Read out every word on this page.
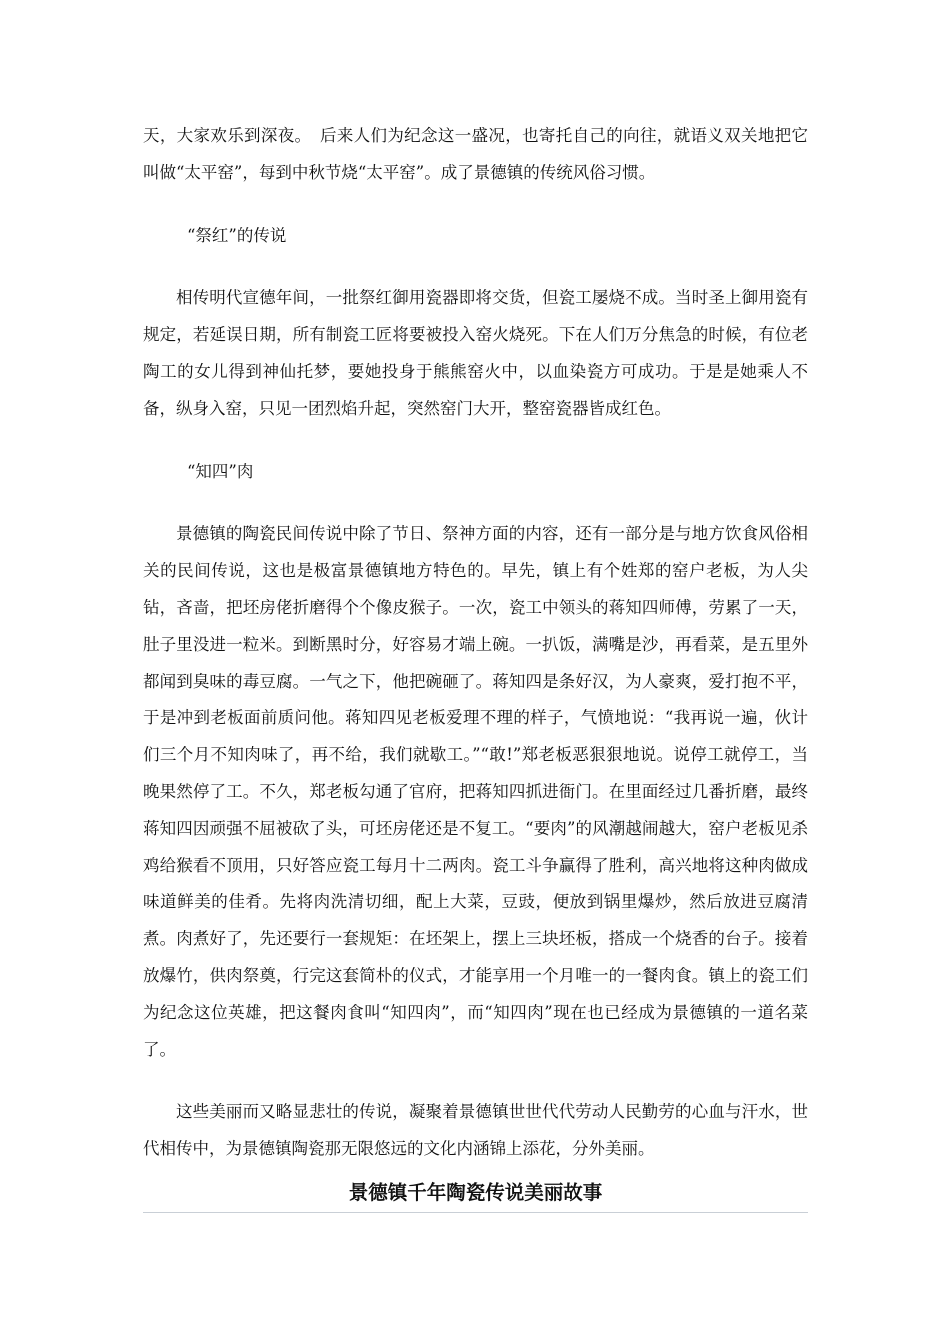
天，大家欢乐到深夜。　后来人们为纪念这一盛况，也寄托自己的向往，就语义双关地把它叫做“太平窑”，每到中秋节烧“太平窑”。成了景德镇的传统风俗习惯。

“祭红”的传说

相传明代宣德年间，一批祭红御用瓷器即将交货，但瓷工屡烧不成。当时圣上御用瓷有规定，若延误日期，所有制瓷工匠将要被投入窑火烧死。下在人们万分焦急的时候，有位老陶工的女儿得到神仙托梦，要她投身于熊熊窑火中，以血染瓷方可成功。于是是她乘人不备，纵身入窑，只见一团烈焰升起，突然窑门大开，整窑瓷器皆成红色。

“知四”肉

景德镇的陶瓷民间传说中除了节日、祭神方面的内容，还有一部分是与地方饮食风俗相关的民间传说，这也是极富景德镇地方特色的。早先，镇上有个姓郑的窑户老板，为人尖钻，吝啬，把坯房佬折磨得个个像皮猴子。一次，瓷工中领头的蒋知四师傅，劳累了一天，肚子里没进一粒米。到断黑时分，好容易才端上碗。一扒饭，满嘴是沙，再看菜，是五里外都闻到臭味的毒豆腐。一气之下，他把碗砸了。蒋知四是条好汉，为人豪爽，爱打抱不平，于是冲到老板面前质问他。蒋知四见老板爱理不理的样子，气愤地说：“我再说一遍，伙计们三个月不知肉味了，再不给，我们就歇工。”“敢!”郑老板恶狠狠地说。说停工就停工，当晚果然停了工。不久，郑老板勾通了官府，把蒋知四抓进衙门。在里面经过几番折磨，最终蒋知四因顽强不屈被砍了头，可坯房佬还是不复工。“要肉”的风潮越闹越大，窑户老板见杀鸡给猴看不顶用，只好答应瓷工每月十二两肉。瓷工斗争赢得了胜利，高兴地将这种肉做成味道鲜美的佳肴。先将肉洗清切细，配上大菜，豆豉，便放到锅里爆炒，然后放进豆腐清煮。肉煮好了，先还要行一套规矩：在坯架上，摆上三块坯板，搭成一个烧香的台子。接着放爆竹，供肉祭奠，行完这套简朴的仪式，才能享用一个月唯一的一餐肉食。镇上的瓷工们为纪念这位英雄，把这餐肉食叫“知四肉”，而“知四肉”现在也已经成为景德镇的一道名菜了。

这些美丽而又略显悲壮的传说，凝聚着景德镇世世代代劳动人民勤劳的心血与汗水，世代相传中，为景德镇陶瓷那无限悠远的文化内涵锦上添花，分外美丽。

景德镇千年陶瓷传说美丽故事
